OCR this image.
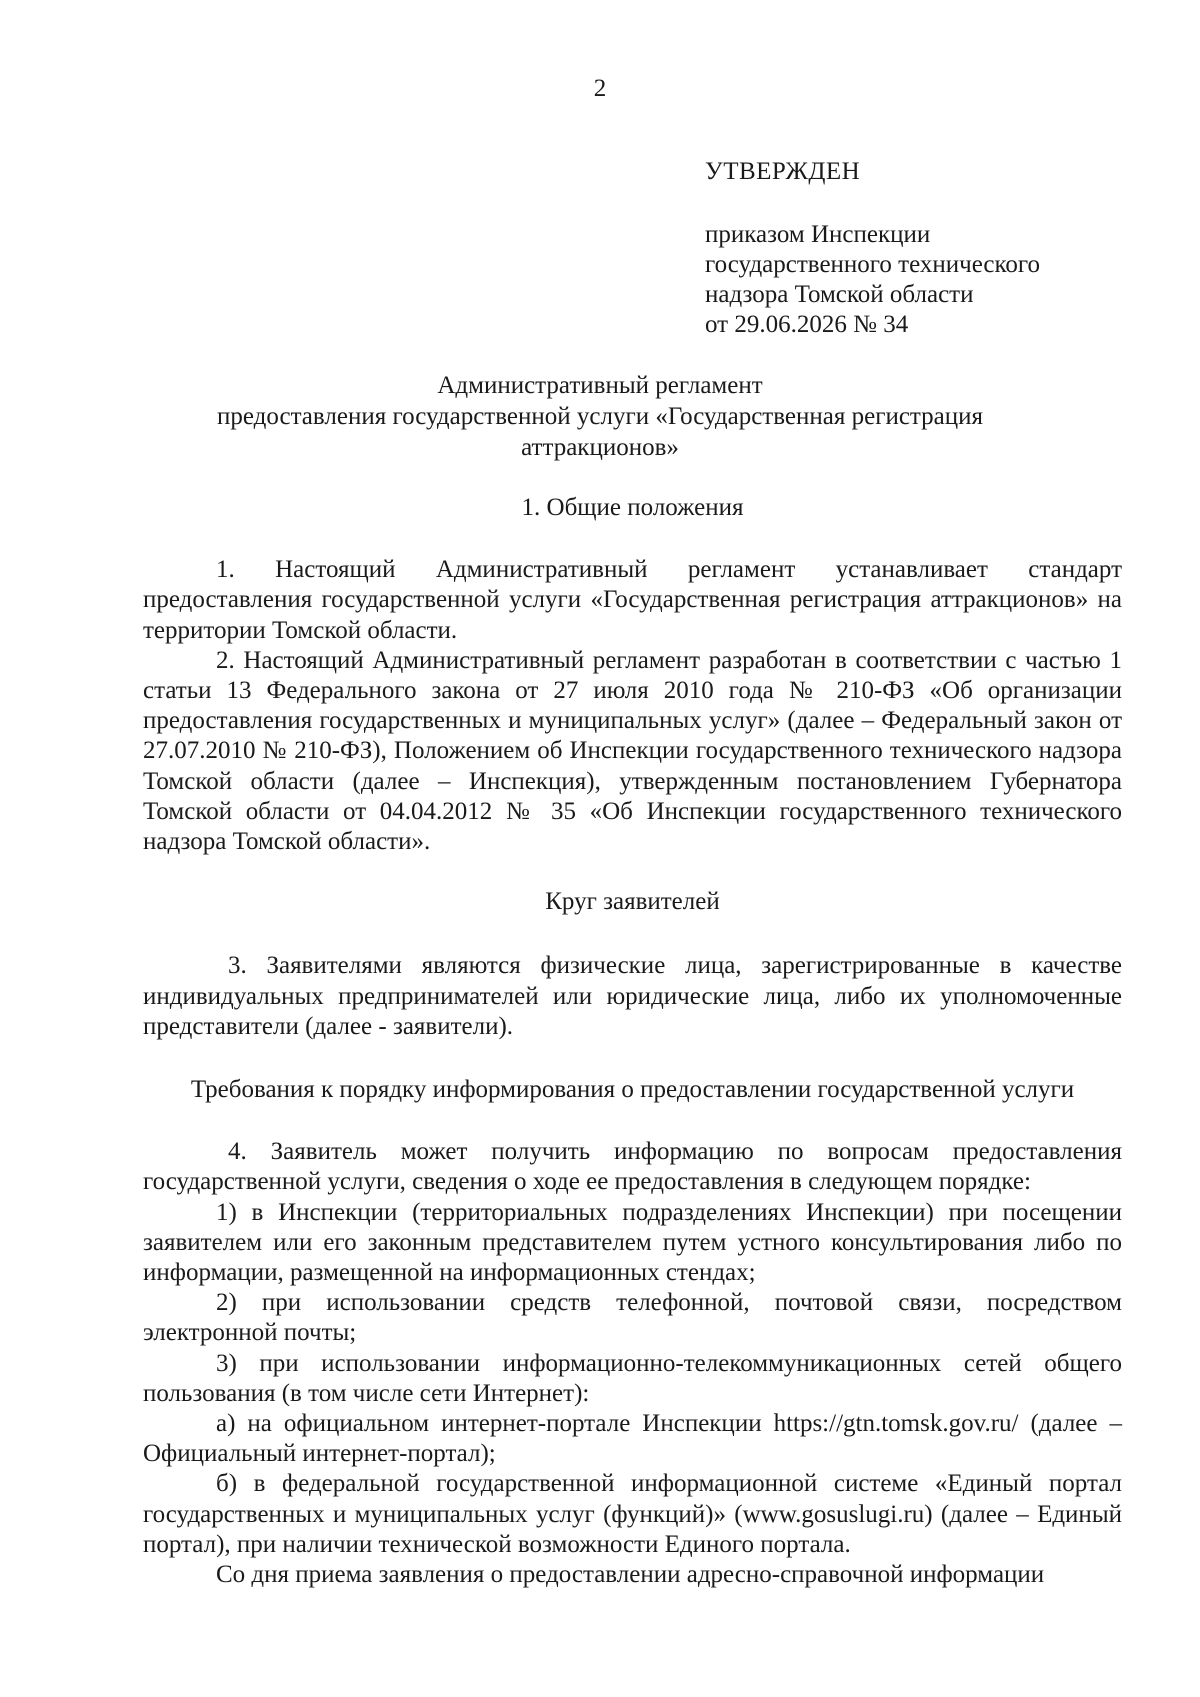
2
УТВЕРЖДЕН
приказом Инспекции
государственного технического
надзора Томской области
от 29.06.2026 № 34
Административный регламент
предоставления государственной услуги «Государственная регистрация
аттракционов»

1. Общие положения

1. Настоящий Административный регламент устанавливает стандарт предоставления государственной услуги «Государственная регистрация аттракционов» на территории Томской области.

2. Настоящий Административный регламент разработан в соответствии с частью 1 статьи 13 Федерального закона от 27 июля 2010 года № 210-ФЗ «Об организации предоставления государственных и муниципальных услуг» (далее – Федеральный закон от 27.07.2010 № 210-ФЗ), Положением об Инспекции государственного технического надзора Томской области (далее – Инспекция), утвержденным постановлением Губернатора Томской области от 04.04.2012 № 35 «Об Инспекции государственного технического надзора Томской области».

Круг заявителей

3. Заявителями являются физические лица, зарегистрированные в качестве индивидуальных предпринимателей или юридические лица, либо их уполномоченные представители (далее - заявители).

Требования к порядку информирования о предоставлении государственной услуги

4. Заявитель может получить информацию по вопросам предоставления государственной услуги, сведения о ходе ее предоставления в следующем порядке:

1) в Инспекции (территориальных подразделениях Инспекции) при посещении заявителем или его законным представителем путем устного консультирования либо по информации, размещенной на информационных стендах;

2) при использовании средств телефонной, почтовой связи, посредством электронной почты;

3) при использовании информационно-телекоммуникационных сетей общего пользования (в том числе сети Интернет):

а) на официальном интернет-портале Инспекции https://gtn.tomsk.gov.ru/ (далее – Официальный интернет-портал);

б) в федеральной государственной информационной системе «Единый портал государственных и муниципальных услуг (функций)» (www.gosuslugi.ru) (далее – Единый портал), при наличии технической возможности Единого портала.

Со дня приема заявления о предоставлении адресно-справочной информации
